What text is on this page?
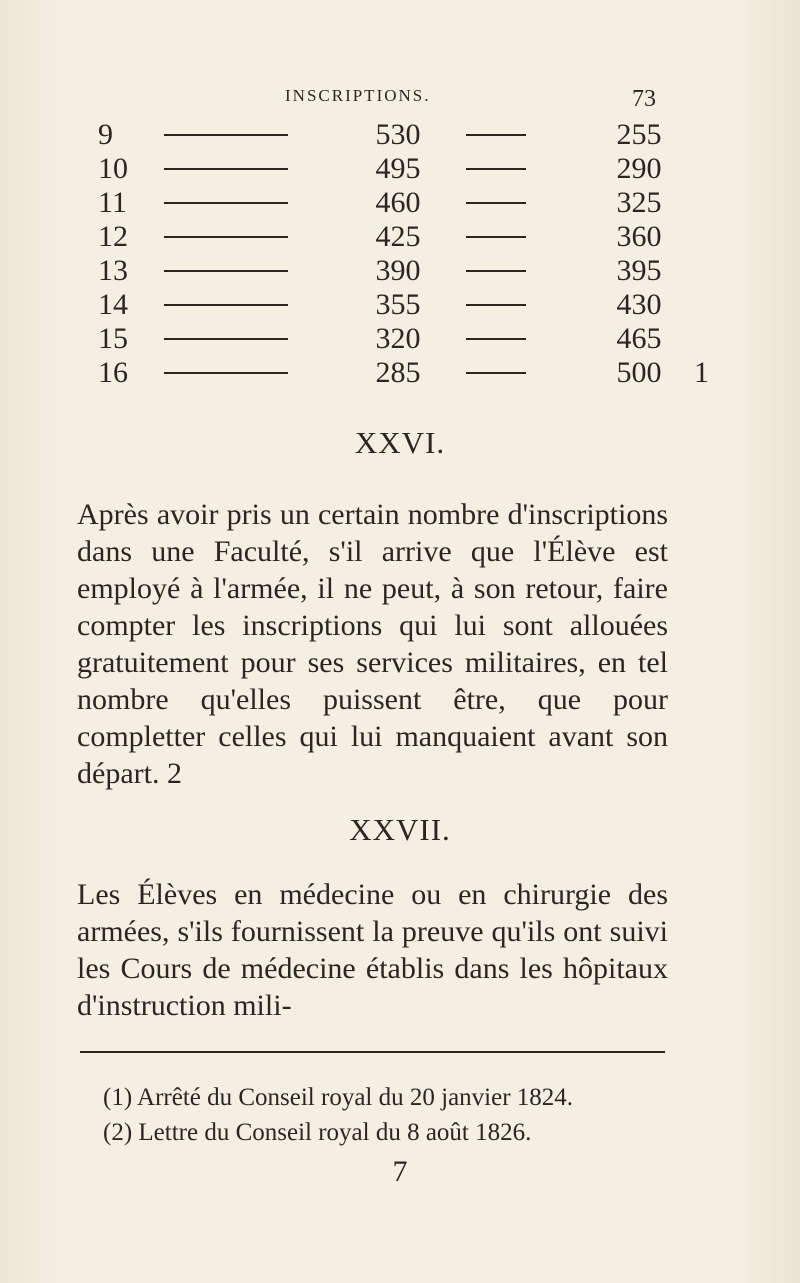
INSCRIPTIONS.	73
9		530		255	
10		495		290	
11		460		325	
12		425		360	
13		390		395	
14		355		430	
15		320		465	
16		285		500	1
XXVI.
Après avoir pris un certain nombre d'inscriptions dans une Faculté, s'il arrive que l'Élève est employé à l'armée, il ne peut, à son retour, faire compter les inscriptions qui lui sont allouées gratuitement pour ses services militaires, en tel nombre qu'elles puissent être, que pour completter celles qui lui manquaient avant son départ. 2
XXVII.
Les Élèves en médecine ou en chirurgie des armées, s'ils fournissent la preuve qu'ils ont suivi les Cours de médecine établis dans les hôpitaux d'instruction mili-
(1) Arrêté du Conseil royal du 20 janvier 1824.
(2) Lettre du Conseil royal du 8 août 1826.
7
